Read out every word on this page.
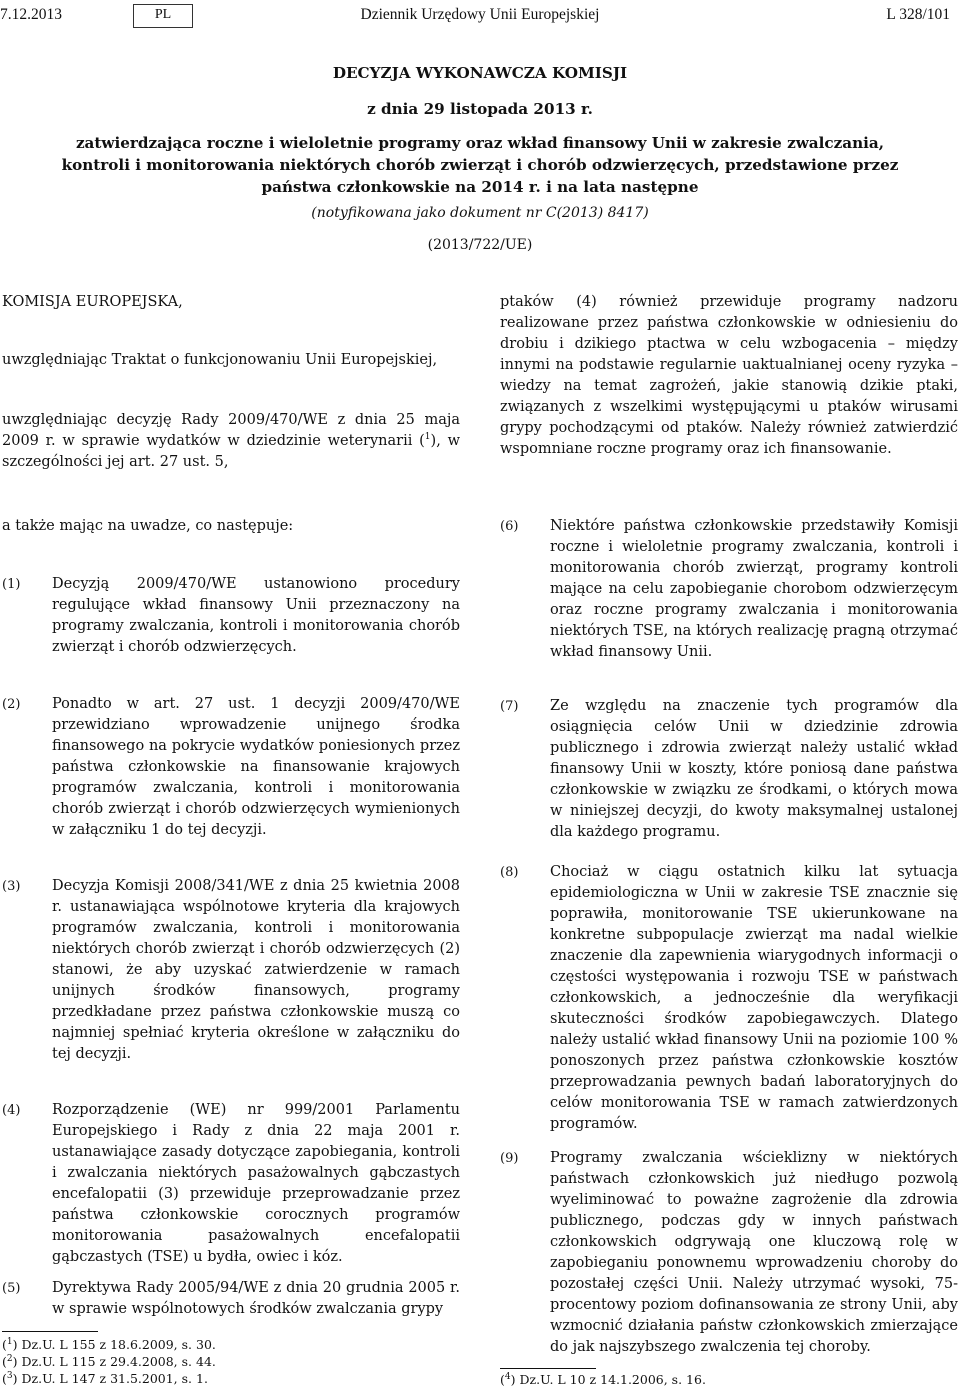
7.12.2013	PL	Dziennik Urzędowy Unii Europejskiej	L 328/101
DECYZJA WYKONAWCZA KOMISJI
z dnia 29 listopada 2013 r.
zatwierdzająca roczne i wieloletnie programy oraz wkład finansowy Unii w zakresie zwalczania, kontroli i monitorowania niektórych chorób zwierząt i chorób odzwierzęcych, przedstawione przez państwa członkowskie na 2014 r. i na lata następne
(notyfikowana jako dokument nr C(2013) 8417)
(2013/722/UE)
KOMISJA EUROPEJSKA,
uwzględniając Traktat o funkcjonowaniu Unii Europejskiej,
uwzględniając decyzję Rady 2009/470/WE z dnia 25 maja 2009 r. w sprawie wydatków w dziedzinie weterynarii ($^1$), w szczególności jej art. 27 ust. 5,
a także mając na uwadze, co następuje:
(1) Decyzją 2009/470/WE ustanowiono procedury regulujące wkład finansowy Unii przeznaczony na programy zwalczania, kontroli i monitorowania chorób zwierząt i chorób odzwierzęcych.
(2) Ponadto w art. 27 ust. 1 decyzji 2009/470/WE przewidziano wprowadzenie unijnego środka finansowego na pokrycie wydatków poniesionych przez państwa członkowskie na finansowanie krajowych programów zwalczania, kontroli i monitorowania chorób zwierząt i chorób odzwierzęcych wymienionych w załączniku 1 do tej decyzji.
(3) Decyzja Komisji 2008/341/WE z dnia 25 kwietnia 2008 r. ustanawiająca wspólnotowe kryteria dla krajowych programów zwalczania, kontroli i monitorowania niektórych chorób zwierząt i chorób odzwierzęcych (2) stanowi, że aby uzyskać zatwierdzenie w ramach unijnych środków finansowych, programy przedkładane przez państwa członkowskie muszą co najmniej spełniać kryteria określone w załączniku do tej decyzji.
(4) Rozporządzenie (WE) nr 999/2001 Parlamentu Europejskiego i Rady z dnia 22 maja 2001 r. ustanawiające zasady dotyczące zapobiegania, kontroli i zwalczania niektórych pasażowalnych gąbczastych encefalopatii (3) przewiduje przeprowadzanie przez państwa członkowskie corocznych programów monitorowania pasażowalnych encefalopatii gąbczastych (TSE) u bydła, owiec i kóz.
(5) Dyrektywa Rady 2005/94/WE z dnia 20 grudnia 2005 r. w sprawie wspólnotowych środków zwalczania grypy
($^1$) Dz.U. L 155 z 18.6.2009, s. 30.
($^2$) Dz.U. L 115 z 29.4.2008, s. 44.
($^3$) Dz.U. L 147 z 31.5.2001, s. 1.
ptaków (4) również przewiduje programy nadzoru realizowane przez państwa członkowskie w odniesieniu do drobiu i dzikiego ptactwa w celu wzbogacenia – między innymi na podstawie regularnie uaktualnianej oceny ryzyka – wiedzy na temat zagrożeń, jakie stanowią dzikie ptaki, związanych z wszelkimi występującymi u ptaków wirusami grypy pochodzącymi od ptaków. Należy również zatwierdzić wspomniane roczne programy oraz ich finansowanie.
(6) Niektóre państwa członkowskie przedstawiły Komisji roczne i wieloletnie programy zwalczania, kontroli i monitorowania chorób zwierząt, programy kontroli mające na celu zapobieganie chorobom odzwierzęcym oraz roczne programy zwalczania i monitorowania niektórych TSE, na których realizację pragną otrzymać wkład finansowy Unii.
(7) Ze względu na znaczenie tych programów dla osiągnięcia celów Unii w dziedzinie zdrowia publicznego i zdrowia zwierząt należy ustalić wkład finansowy Unii w koszty, które poniosą dane państwa członkowskie w związku ze środkami, o których mowa w niniejszej decyzji, do kwoty maksymalnej ustalonej dla każdego programu.
(8) Chociaż w ciągu ostatnich kilku lat sytuacja epidemiologiczna w Unii w zakresie TSE znacznie się poprawiła, monitorowanie TSE ukierunkowane na konkretne subpopulacje zwierząt ma nadal wielkie znaczenie dla zapewnienia wiarygodnych informacji o częstości występowania i rozwoju TSE w państwach członkowskich, a jednocześnie dla weryfikacji skuteczności środków zapobiegawczych. Dlatego należy ustalić wkład finansowy Unii na poziomie 100 % ponoszonych przez państwa członkowskie kosztów przeprowadzania pewnych badań laboratoryjnych do celów monitorowania TSE w ramach zatwierdzonych programów.
(9) Programy zwalczania wścieklizny w niektórych państwach członkowskich już niedługo pozwolą wyeliminować to poważne zagrożenie dla zdrowia publicznego, podczas gdy w innych państwach członkowskich odgrywają one kluczową rolę w zapobieganiu ponownemu wprowadzeniu choroby do pozostałej części Unii. Należy utrzymać wysoki, 75-procentowy poziom dofinansowania ze strony Unii, aby wzmocnić działania państw członkowskich zmierzające do jak najszybszego zwalczenia tej choroby.
($^4$) Dz.U. L 10 z 14.1.2006, s. 16.
